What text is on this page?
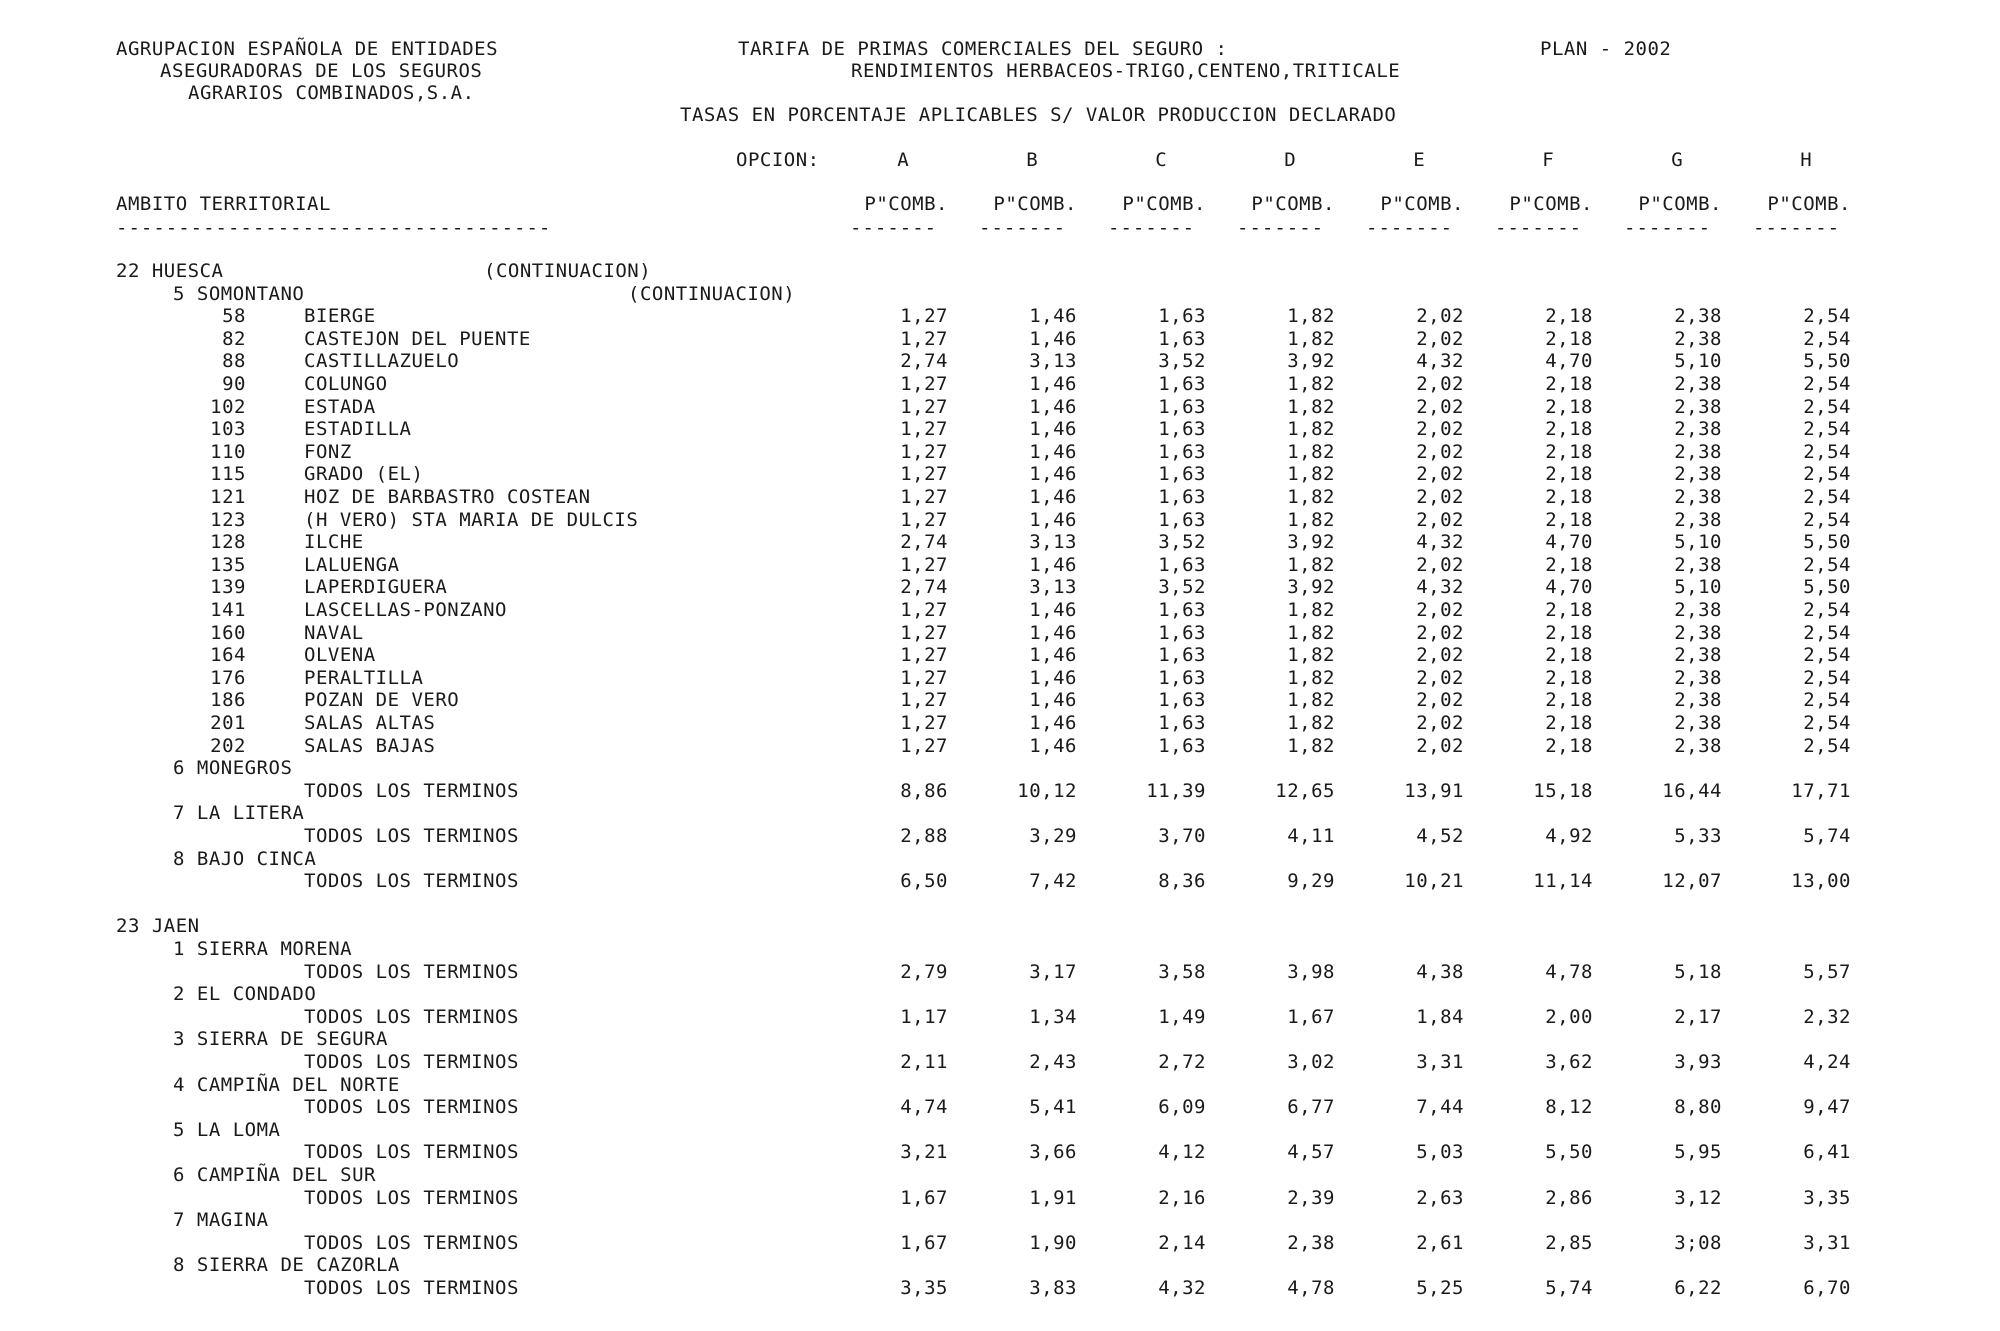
AGRUPACION ESPAÑOLA DE ENTIDADES
ASEGURADORAS DE LOS SEGUROS
AGRARIOS COMBINADOS,S.A.
TARIFA DE PRIMAS COMERCIALES DEL SEGURO :
RENDIMIENTOS HERBACEOS-TRIGO,CENTENO,TRITICALE
PLAN - 2002
TASAS EN PORCENTAJE APLICABLES S/ VALOR PRODUCCION DECLARADO
OPCION:	A	B	C	D	E	F	G	H
AMBITO TERRITORIAL	P"COMB.	P"COMB.	P"COMB.	P"COMB.	P"COMB.	P"COMB.	P"COMB.	P"COMB.
-----------------------------------	-------	-------	-------	-------	-------	-------	-------	-------
22 HUESCA	(CONTINUACION)
5 SOMONTANO	(CONTINUACION)
58	BIERGE	1,27	1,46	1,63	1,82	2,02	2,18	2,38	2,54
82	CASTEJON DEL PUENTE	1,27	1,46	1,63	1,82	2,02	2,18	2,38	2,54
88	CASTILLAZUELO	2,74	3,13	3,52	3,92	4,32	4,70	5,10	5,50
90	COLUNGO	1,27	1,46	1,63	1,82	2,02	2,18	2,38	2,54
102	ESTADA	1,27	1,46	1,63	1,82	2,02	2,18	2,38	2,54
103	ESTADILLA	1,27	1,46	1,63	1,82	2,02	2,18	2,38	2,54
110	FONZ	1,27	1,46	1,63	1,82	2,02	2,18	2,38	2,54
115	GRADO (EL)	1,27	1,46	1,63	1,82	2,02	2,18	2,38	2,54
121	HOZ DE BARBASTRO COSTEAN	1,27	1,46	1,63	1,82	2,02	2,18	2,38	2,54
123	(H VERO) STA MARIA DE DULCIS	1,27	1,46	1,63	1,82	2,02	2,18	2,38	2,54
128	ILCHE	2,74	3,13	3,52	3,92	4,32	4,70	5,10	5,50
135	LALUENGA	1,27	1,46	1,63	1,82	2,02	2,18	2,38	2,54
139	LAPERDIGUERA	2,74	3,13	3,52	3,92	4,32	4,70	5,10	5,50
141	LASCELLAS-PONZANO	1,27	1,46	1,63	1,82	2,02	2,18	2,38	2,54
160	NAVAL	1,27	1,46	1,63	1,82	2,02	2,18	2,38	2,54
164	OLVENA	1,27	1,46	1,63	1,82	2,02	2,18	2,38	2,54
176	PERALTILLA	1,27	1,46	1,63	1,82	2,02	2,18	2,38	2,54
186	POZAN DE VERO	1,27	1,46	1,63	1,82	2,02	2,18	2,38	2,54
201	SALAS ALTAS	1,27	1,46	1,63	1,82	2,02	2,18	2,38	2,54
202	SALAS BAJAS	1,27	1,46	1,63	1,82	2,02	2,18	2,38	2,54
6 MONEGROS
TODOS LOS TERMINOS	8,86	10,12	11,39	12,65	13,91	15,18	16,44	17,71
7 LA LITERA
TODOS LOS TERMINOS	2,88	3,29	3,70	4,11	4,52	4,92	5,33	5,74
8 BAJO CINCA
TODOS LOS TERMINOS	6,50	7,42	8,36	9,29	10,21	11,14	12,07	13,00
23 JAEN
1 SIERRA MORENA
TODOS LOS TERMINOS	2,79	3,17	3,58	3,98	4,38	4,78	5,18	5,57
2 EL CONDADO
TODOS LOS TERMINOS	1,17	1,34	1,49	1,67	1,84	2,00	2,17	2,32
3 SIERRA DE SEGURA
TODOS LOS TERMINOS	2,11	2,43	2,72	3,02	3,31	3,62	3,93	4,24
4 CAMPIÑA DEL NORTE
TODOS LOS TERMINOS	4,74	5,41	6,09	6,77	7,44	8,12	8,80	9,47
5 LA LOMA
TODOS LOS TERMINOS	3,21	3,66	4,12	4,57	5,03	5,50	5,95	6,41
6 CAMPIÑA DEL SUR
TODOS LOS TERMINOS	1,67	1,91	2,16	2,39	2,63	2,86	3,12	3,35
7 MAGINA
TODOS LOS TERMINOS	1,67	1,90	2,14	2,38	2,61	2,85	3;08	3,31
8 SIERRA DE CAZORLA
TODOS LOS TERMINOS	3,35	3,83	4,32	4,78	5,25	5,74	6,22	6,70
